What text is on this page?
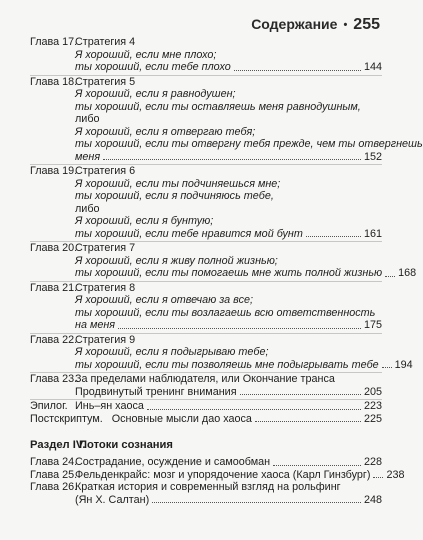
Содержание • 255
Глава 17.
Стратегия 4
Я хороший, если мне плохо;
ты хороший, если тебе плохо	144
Глава 18.
Стратегия 5
Я хороший, если я равнодушен;
ты хороший, если ты оставляешь меня равнодушным,
либо
Я хороший, если я отвергаю тебя;
ты хороший, если ты отвергну тебя прежде, чем ты отвергнешь
меня	152
Глава 19.
Стратегия 6
Я хороший, если ты подчиняешься мне;
ты хороший, если я подчиняюсь тебе,
либо
Я хороший, если я бунтую;
ты хороший, если тебе нравится мой бунт	161
Глава 20.
Стратегия 7
Я хороший, если я живу полной жизнью;
ты хороший, если ты помогаешь мне жить полной жизнью 168
Глава 21.
Стратегия 8
Я хороший, если я отвечаю за все;
ты хороший, если ты возлагаешь всю ответственность
на меня	175
Глава 22.
Стратегия 9
Я хороший, если я подыгрываю тебе;
ты хороший, если ты позволяешь мне подыгрывать тебе 194
Глава 23.
За пределами наблюдателя, или Окончание транса
Продвинутый тренинг внимания	205
Эпилог. Инь–ян хаоса	223
Постскриптум. Основные мысли дао хаоса	225
Раздел IV.
Потоки сознания
Глава 24.
Сострадание, осуждение и самообман	228
Глава 25.
Фельденкрайс: мозг и упорядочение хаоса (Карл Гинзбург) 238
Глава 26.
Краткая история и современный взгляд на рольфинг
(Ян Х. Салтан)	248
